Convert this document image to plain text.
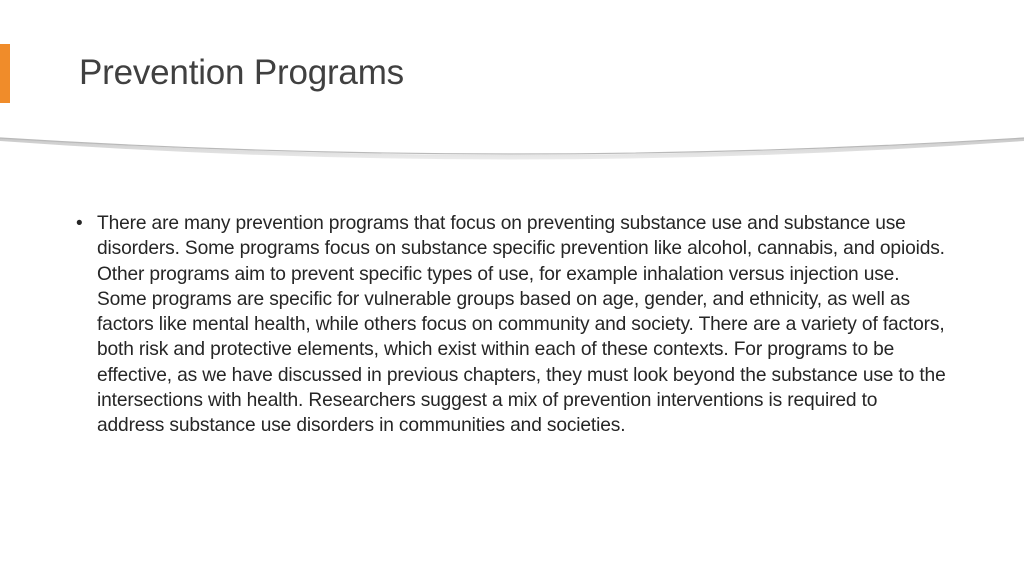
Prevention Programs
• There are many prevention programs that focus on preventing substance use and substance use disorders. Some programs focus on substance specific prevention like alcohol, cannabis, and opioids. Other programs aim to prevent specific types of use, for example inhalation versus injection use. Some programs are specific for vulnerable groups based on age, gender, and ethnicity, as well as factors like mental health, while others focus on community and society. There are a variety of factors, both risk and protective elements, which exist within each of these contexts. For programs to be effective, as we have discussed in previous chapters, they must look beyond the substance use to the intersections with health. Researchers suggest a mix of prevention interventions is required to address substance use disorders in communities and societies.
